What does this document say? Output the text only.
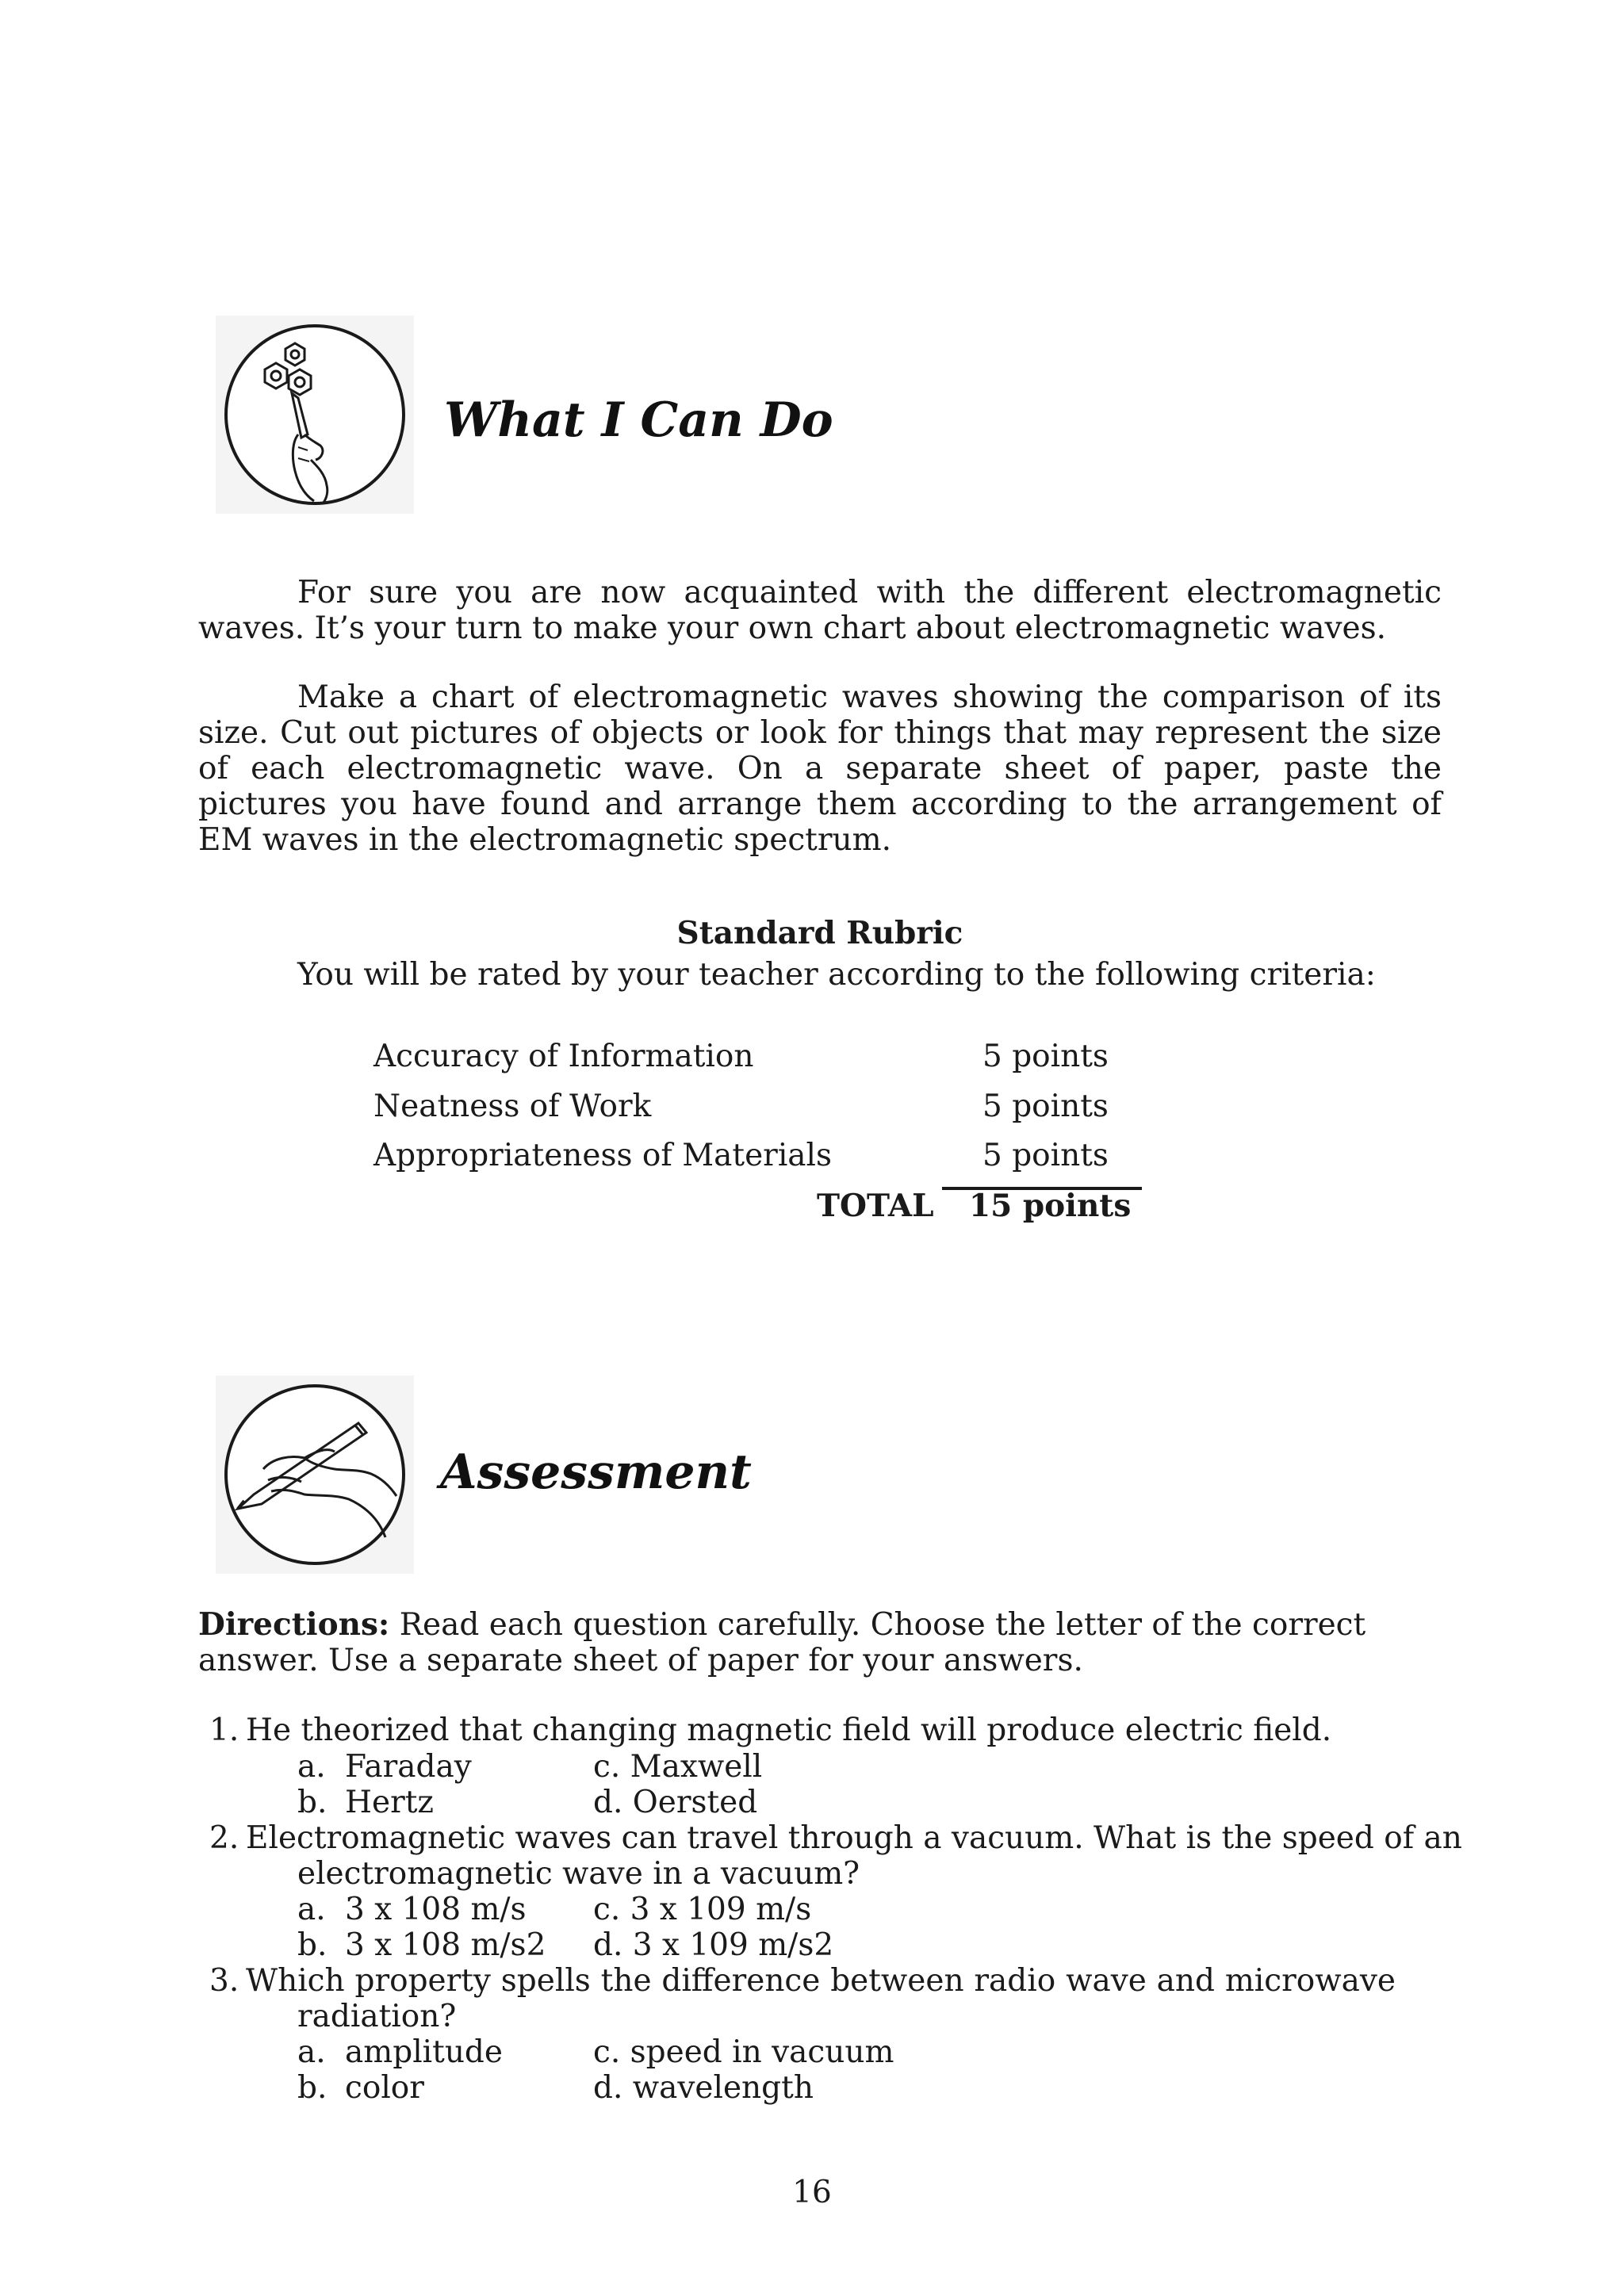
What I Can Do

For sure you are now acquainted with the different electromagnetic waves. It’s your turn to make your own chart about electromagnetic waves.

Make a chart of electromagnetic waves showing the comparison of its size. Cut out pictures of objects or look for things that may represent the size of each electromagnetic wave. On a separate sheet of paper, paste the pictures you have found and arrange them according to the arrangement of EM waves in the electromagnetic spectrum.

Standard Rubric
You will be rated by your teacher according to the following criteria:
Accuracy of Information	5 points
Neatness of Work	5 points
Appropriateness of Materials	5 points
TOTAL 15 points
Assessment
Directions: Read each question carefully. Choose the letter of the correct answer. Use a separate sheet of paper for your answers.
1. He theorized that changing magnetic field will produce electric field.
a. Faraday	c. Maxwell
b. Hertz	d. Oersted
2. Electromagnetic waves can travel through a vacuum. What is the speed of an
electromagnetic wave in a vacuum?
a. 3 x 108 m/s c. 3 x 109 m/s
b. 3 x 108 m/s2 d. 3 x 109 m/s2
3. Which property spells the difference between radio wave and microwave
radiation?
a. amplitude	c. speed in vacuum
b. color	d. wavelength
16
